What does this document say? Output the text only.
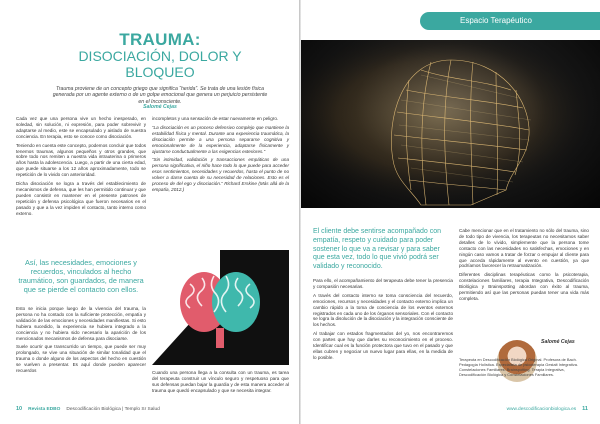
TRAUMA:
DISOCIACIÓN, DOLOR Y BLOQUEO
Trauma proviene de un concepto griego que significa “herida”. Se trata de una lesión física generada por un agente externo o de un golpe emocional que genera un perjuicio persistente en el Inconsciente.
Salomé Cejas

Cada vez que una persona vive un hecho inesperado, en soledad, sin solución, ni expresión, para poder sobrevivir y adaptarse al medio, este se encapsulado y aislado de nuestra conciencia. En terapia, esto se conoce como disociación.

Teniendo en cuenta este concepto, podemos concluir que todos tenemos traumas, algunos pequeños y otros grandes, que sobre todo nos remiten a nuestra vida intrauterina o primeros años hasta la adolescencia. Luego, a partir de una cierta edad, que puede situarse a los 12 años aproximadamente, todo se repetición de lo vivido con anterioridad.

Dicha disociación se logra a través del establecimiento de mecanismos de defensa, que les han permitido continuar y que pueden consistir en mantener en el presente patrones de repetición y defensa psicológica que fueron necesarios en el pasado y que a la vez impiden el contacto, tanto interno como externo.

Así, las necesidades, emociones y recuerdos, vinculados al hecho traumático, son guardados, de manera que se pierde el contacto con ellos.

Esto se inicia porque luego de la vivencia del trauma, la persona no ha contado con la suficiente protección, empatía y validación de las emociones y necesidades manifiestas. Si esto hubiera sucedido, la experiencia se hubiera integrado a la conciencia y no hubiera sido necesario la aparición de los mencionados mecanismos de defensa para disociarse.

Suele ocurrir que transcurrido un tiempo, que puede ser muy prolongado, se vive una situación de similar tonalidad que el trauma o donde alguno de los aspectos del hecho en cuestión se vuelven a presentar. Es aquí donde pueden aparecer recuerdos

incompletos y una sensación de estar nuevamente en peligro.

“La disociación es un proceso defensivo complejo que mantiene la estabilidad física y mental. Durante una experiencia traumática, la disociación permite a una persona separarse cognitiva y emocionalmente de la experiencia, adaptarse físicamente y ajustarse conductualmente a las exigencias exteriores.”

“Sin intimidad, validación y transacciones empáticas de una persona significativa, el niño hace todo lo que puede para acceder esos sentimientos, necesidades y recuerdos, hasta el punto de no volver a darse cuenta de su necesidad de relaciones. Esto es el proceso de del ego y disociación.” Richard Erskine (Más allá de la empatía, 2012.)

Cuando una persona llega a la consulta con un trauma, es tarea del terapeuta construir un vínculo seguro y respetuoso para que sus defensas puedan bajar la guardia y de esta manera acceder al trauma que quedó encapsulado y que se necesita integrar.

10 Revista EDBO Descodificación Biológica | Templo Sr Salud
Espacio Terapéutico
El cliente debe sentirse acompañado con empatía, respeto y cuidado para poder sostener lo que va a revisar y para saber que esta vez, todo lo que vivió podrá ser validado y reconocido.

Para ello, el acompañamiento del terapeuta debe tener la presencia y compasión necesarias.

A través del contacto interno se toma consciencia del recuerdo, emociones, recursos y necesidades y el contacto externo implica un cambio rápido a la toma de conciencia de los eventos externos registrados en cada uno de los órganos sensoriales. Con el contacto se logra la disolución de la disociación y la integración consciente de los hechos.

Al trabajar con estados fragmentados del yo, nos encontraremos con partes que hay que darles su reconocimiento en el proceso. Identificar cual es la función protectora que tuvo en el pasado y que ellas cubren y negociar un nuevo lugar para ellas, en la medida de lo posible.

Cabe mencionar que en el tratamiento no sólo del trauma, sino de todo tipo de vivencia, los terapeutas no necesitamos saber detalles de lo vivido, simplemente que la persona tome contacto con las necesidades no satisfechas, emociones y en ningún caso vamos a tratar de forzar o empujar al cliente para que acceda rápidamente al evento en cuestión, ya que podríamos favorecer la retraumatización.

Diferentes disciplinas terapéuticas como la psicoterapia, constelaciones familiares, terapia Integrativa, Descodificación Biológica y Brainspotting abordan con éxito al trauma, permitiendo así que las personas puedan tener una vida más completa.

Salomé Cejas
Terapeuta en Descodificación Biológica Original. Profesora de Bach. Pedagogía Holística. Especialista de psicoterapia Gestalt Integrativa. Constelaciones Familiares. Brainspotting. Terapia Integrativa, Descodificación Biológica y Constelaciones Familiares.
www.descodificacionbiologica.es 11
